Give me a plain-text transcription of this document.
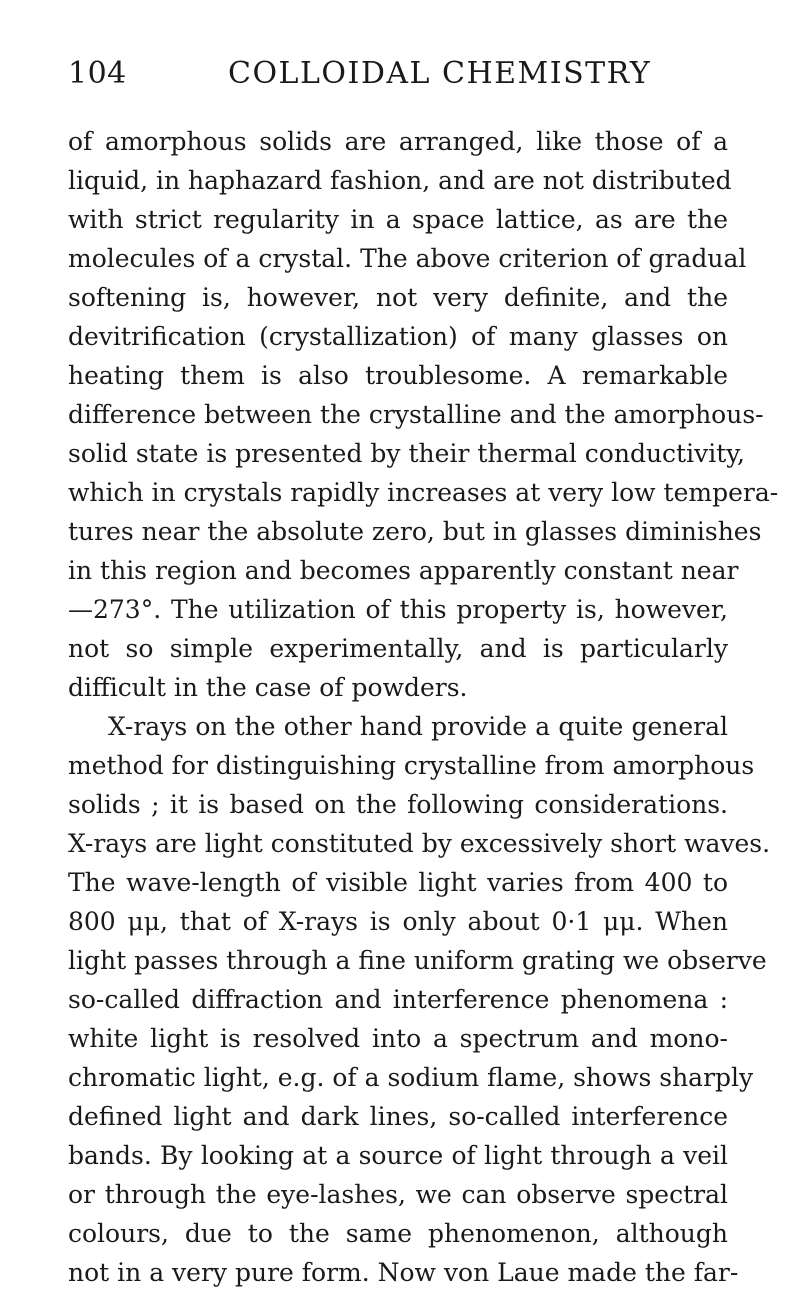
104	COLLOIDAL CHEMISTRY
of amorphous solids are arranged, like those of a
liquid, in haphazard fashion, and are not distributed
with strict regularity in a space lattice, as are the
molecules of a crystal. The above criterion of gradual
softening is, however, not very definite, and the
devitrification (crystallization) of many glasses on
heating them is also troublesome. A remarkable
difference between the crystalline and the amorphous-
solid state is presented by their thermal conductivity,
which in crystals rapidly increases at very low tempera-
tures near the absolute zero, but in glasses diminishes
in this region and becomes apparently constant near
—273°. The utilization of this property is, however,
not so simple experimentally, and is particularly
difficult in the case of powders.
X-rays on the other hand provide a quite general
method for distinguishing crystalline from amorphous
solids ; it is based on the following considerations.
X-rays are light constituted by excessively short waves.
The wave-length of visible light varies from 400 to
800 μμ, that of X-rays is only about 0·1 μμ. When
light passes through a fine uniform grating we observe
so-called diffraction and interference phenomena :
white light is resolved into a spectrum and mono-
chromatic light, e.g. of a sodium flame, shows sharply
defined light and dark lines, so-called interference
bands. By looking at a source of light through a veil
or through the eye-lashes, we can observe spectral
colours, due to the same phenomenon, although
not in a very pure form. Now von Laue made the far-
